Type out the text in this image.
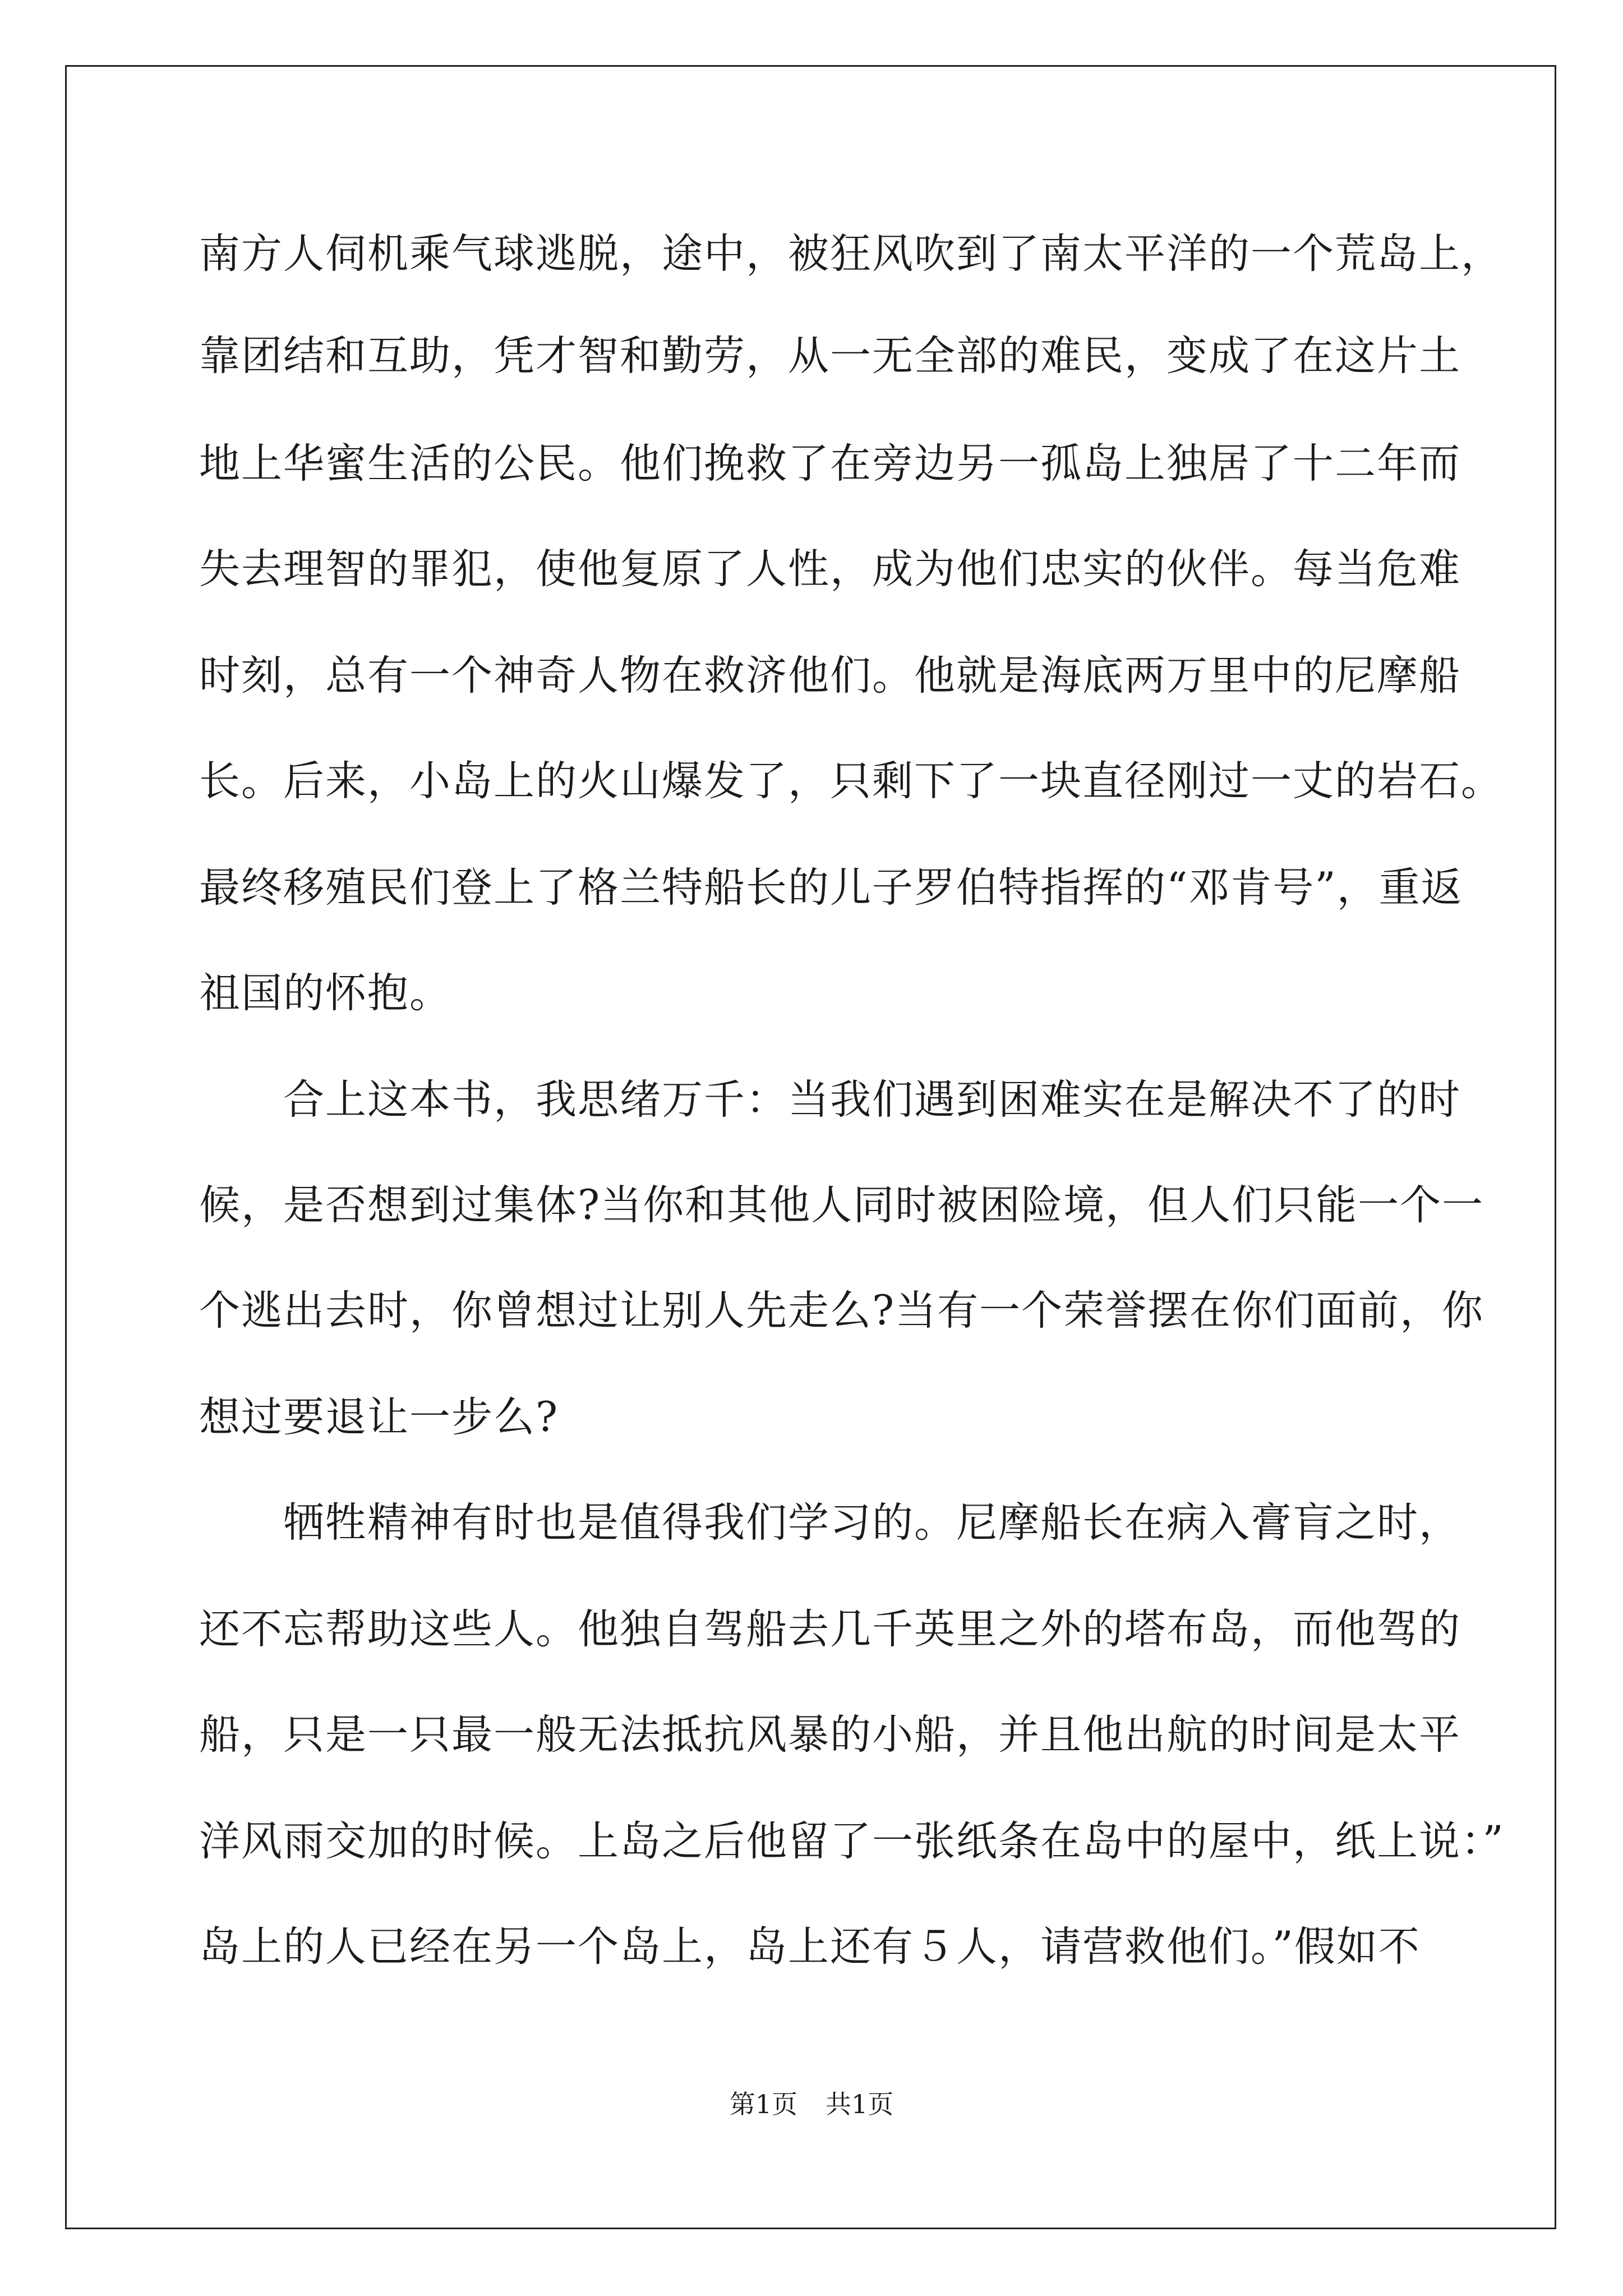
南方人伺机乘气球逃脱，途中，被狂风吹到了南太平洋的一个荒岛上，
靠团结和互助，凭才智和勤劳，从一无全部的难民，变成了在这片土
地上华蜜生活的公民。他们挽救了在旁边另一孤岛上独居了十二年而
失去理智的罪犯，使他复原了人性，成为他们忠实的伙伴。每当危难
时刻，总有一个神奇人物在救济他们。他就是海底两万里中的尼摩船
长。后来，小岛上的火山爆发了，只剩下了一块直径刚过一丈的岩石。
最终移殖民们登上了格兰特船长的儿子罗伯特指挥的“邓肯号”，重返
祖国的怀抱。
　　合上这本书，我思绪万千：当我们遇到困难实在是解决不了的时
候，是否想到过集体?当你和其他人同时被困险境，但人们只能一个一
个逃出去时，你曾想过让别人先走么?当有一个荣誉摆在你们面前，你
想过要退让一步么?
　　牺牲精神有时也是值得我们学习的。尼摩船长在病入膏肓之时，
还不忘帮助这些人。他独自驾船去几千英里之外的塔布岛，而他驾的
船，只是一只最一般无法抵抗风暴的小船，并且他出航的时间是太平
洋风雨交加的时候。上岛之后他留了一张纸条在岛中的屋中，纸上说：”
岛上的人已经在另一个岛上，岛上还有５人，请营救他们。”假如不
第1页 共1页
